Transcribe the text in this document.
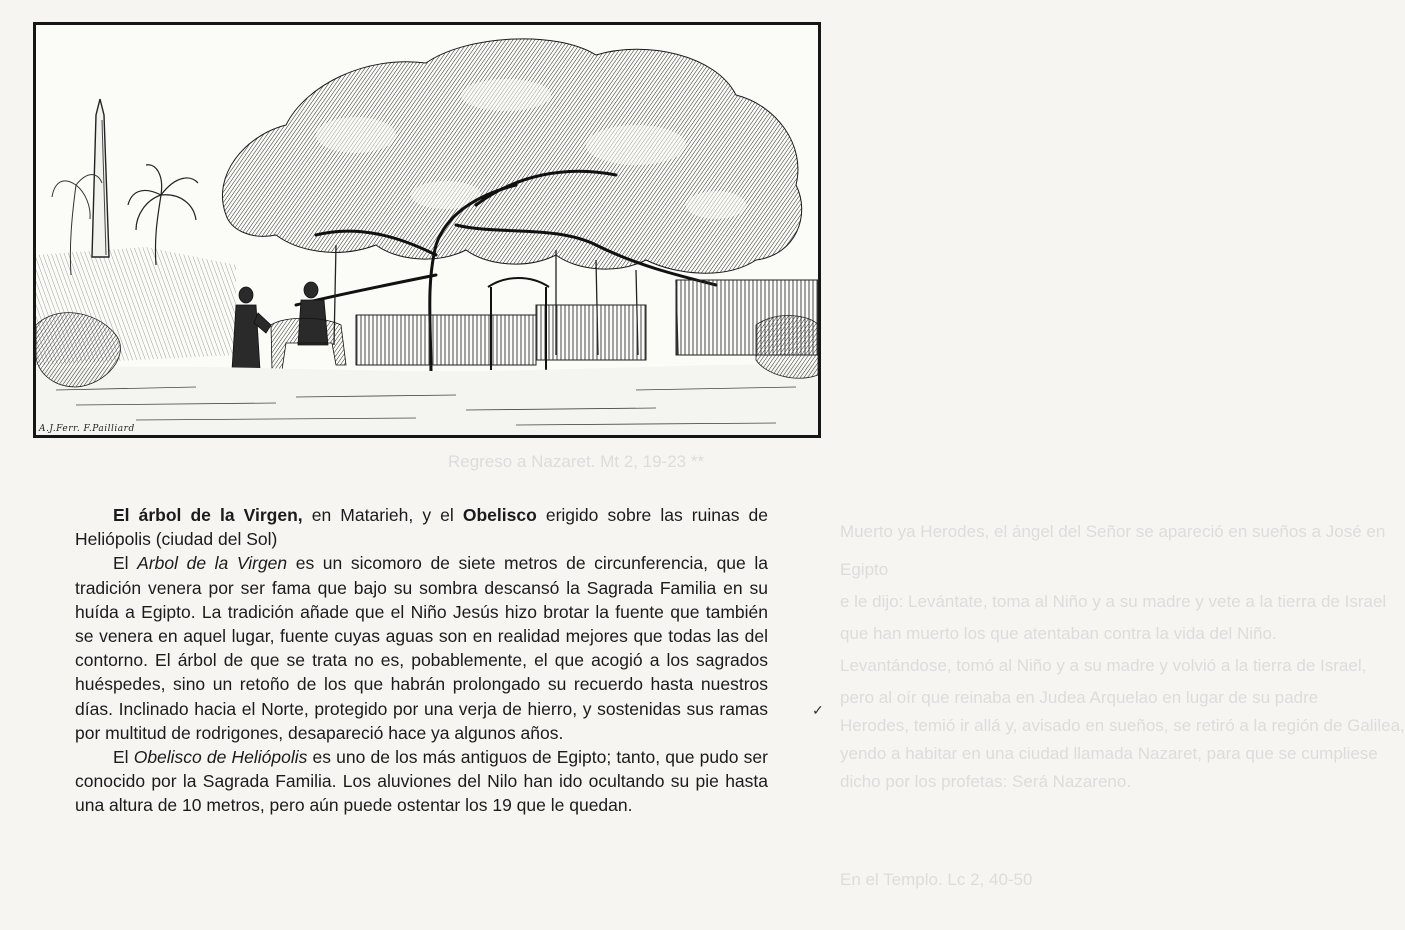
Regreso a Nazaret. Mt 2, 19-23 **
Muerto ya Herodes, el ángel del Señor se apareció en sueños a José en
Egipto
e le dijo: Levántate, toma al Niño y a su madre y vete a la tierra de Israel
que han muerto los que atentaban contra la vida del Niño.
Levantándose, tomó al Niño y a su madre y volvió a la tierra de Israel,
pero al oír que reinaba en Judea Arquelao en lugar de su padre
Herodes, temió ir allá y, avisado en sueños, se retiró a la región de Galilea,
yendo a habitar en una ciudad llamada Nazaret, para que se cumpliese
dicho por los profetas: Será Nazareno.
En el Templo. Lc 2, 40-50
A.J.Ferr. F.Pailliard

El árbol de la Virgen, en Matarieh, y el Obelisco erigido sobre las ruinas de Heliópolis (ciudad del Sol)

El Arbol de la Virgen es un sicomoro de siete metros de circunferencia, que la tradición venera por ser fama que bajo su sombra descansó la Sagrada Familia en su huída a Egipto. La tradición añade que el Niño Jesús hizo brotar la fuente que también se venera en aquel lugar, fuente cuyas aguas son en realidad mejores que todas las del contorno. El árbol de que se trata no es, pobablemente, el que acogió a los sagrados huéspedes, sino un retoño de los que habrán prolongado su recuerdo hasta nuestros días. Inclinado hacia el Norte, protegido por una verja de hierro, y sostenidas sus ramas por multitud de rodrigones, desapareció hace ya algunos años.

El Obelisco de Heliópolis es uno de los más antiguos de Egipto; tanto, que pudo ser conocido por la Sagrada Familia. Los aluviones del Nilo han ido ocultando su pie hasta una altura de 10 metros, pero aún puede ostentar los 19 que le quedan.

✓
